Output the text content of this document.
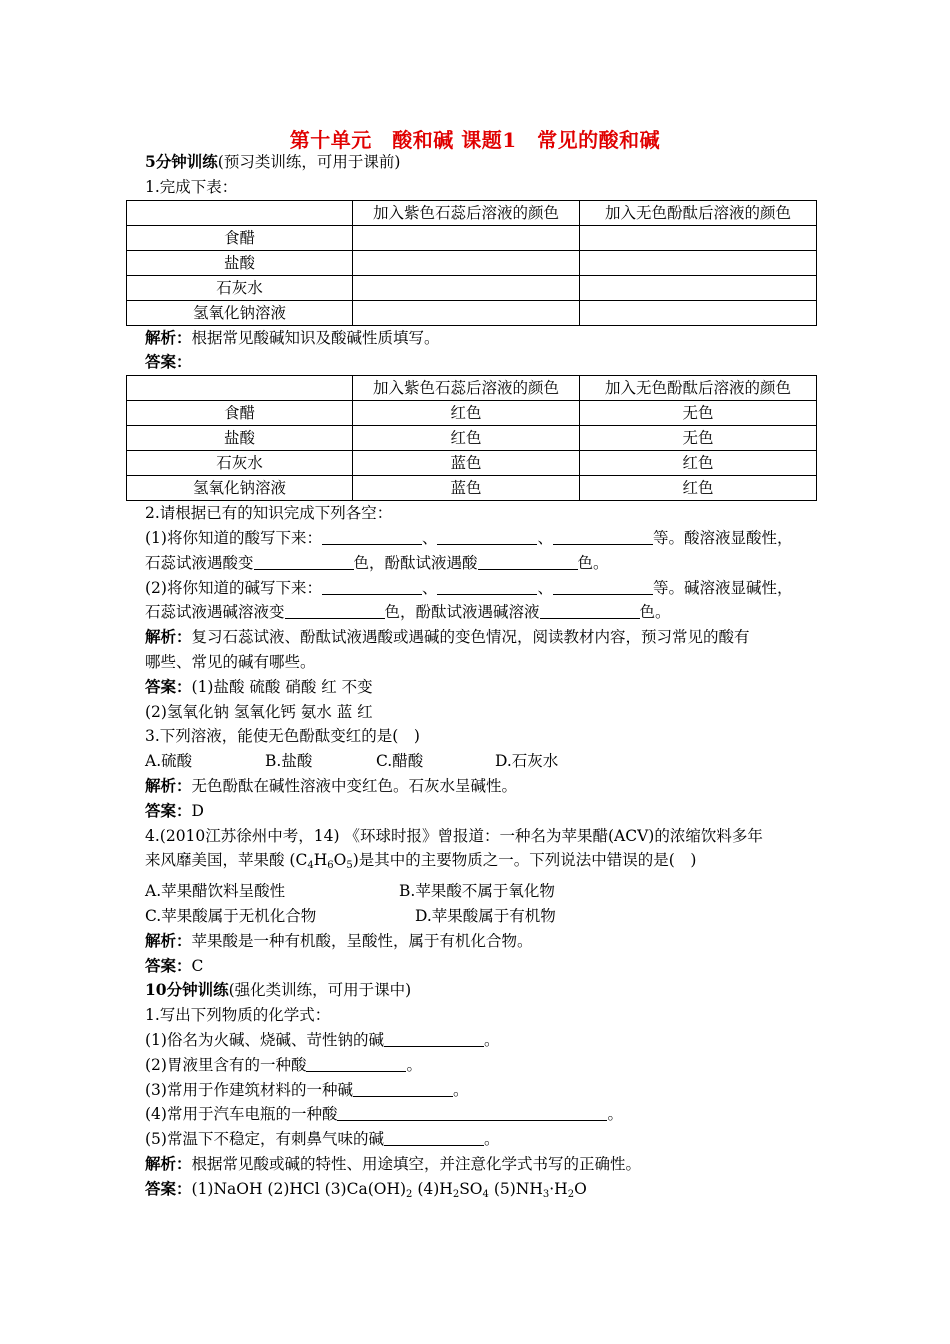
第十单元　酸和碱 课题1　常见的酸和碱
5分钟训练(预习类训练，可用于课前)
1.完成下表：
	加入紫色石蕊后溶液的颜色	加入无色酚酞后溶液的颜色
食醋		
盐酸		
石灰水		
氢氧化钠溶液		
解析：根据常见酸碱知识及酸碱性质填写。
答案：
	加入紫色石蕊后溶液的颜色	加入无色酚酞后溶液的颜色
食醋	红色	无色
盐酸	红色	无色
石灰水	蓝色	红色
氢氧化钠溶液	蓝色	红色
2.请根据已有的知识完成下列各空：
(1)将你知道的酸写下来：	、	、	等。酸溶液显酸性，
石蕊试液遇酸变	色，酚酞试液遇酸	色。
(2)将你知道的碱写下来：	、	、	等。碱溶液显碱性，
石蕊试液遇碱溶液变	色，酚酞试液遇碱溶液	色。
解析：复习石蕊试液、酚酞试液遇酸或遇碱的变色情况，阅读教材内容，预习常见的酸有
哪些、常见的碱有哪些。
答案：(1)盐酸 硫酸 硝酸 红 不变
(2)氢氧化钠 氢氧化钙 氨水 蓝 红
3.下列溶液，能使无色酚酞变红的是(　)
A.硫酸	B.盐酸	C.醋酸	D.石灰水
解析：无色酚酞在碱性溶液中变红色。石灰水呈碱性。
答案：D
4.(2010江苏徐州中考，14) 《环球时报》曾报道：一种名为苹果醋(ACV)的浓缩饮料多年
来风靡美国，苹果酸 $(C_4H_6O_5)$是其中的主要物质之一。下列说法中错误的是(　)
A.苹果醋饮料呈酸性	B.苹果酸不属于氧化物
C.苹果酸属于无机化合物	D.苹果酸属于有机物
解析：苹果酸是一种有机酸，呈酸性，属于有机化合物。
答案：C
10分钟训练(强化类训练，可用于课中)
1.写出下列物质的化学式：
(1)俗名为火碱、烧碱、苛性钠的碱	。
(2)胃液里含有的一种酸	。
(3)常用于作建筑材料的一种碱	。
(4)常用于汽车电瓶的一种酸	。
(5)常温下不稳定，有刺鼻气味的碱	。
解析：根据常见酸或碱的特性、用途填空，并注意化学式书写的正确性。
答案：(1)NaOH (2)HCl $(3)Ca(OH)_2$ $(4)H_2SO_4$ $(5)NH_3\cdot H_2O$
